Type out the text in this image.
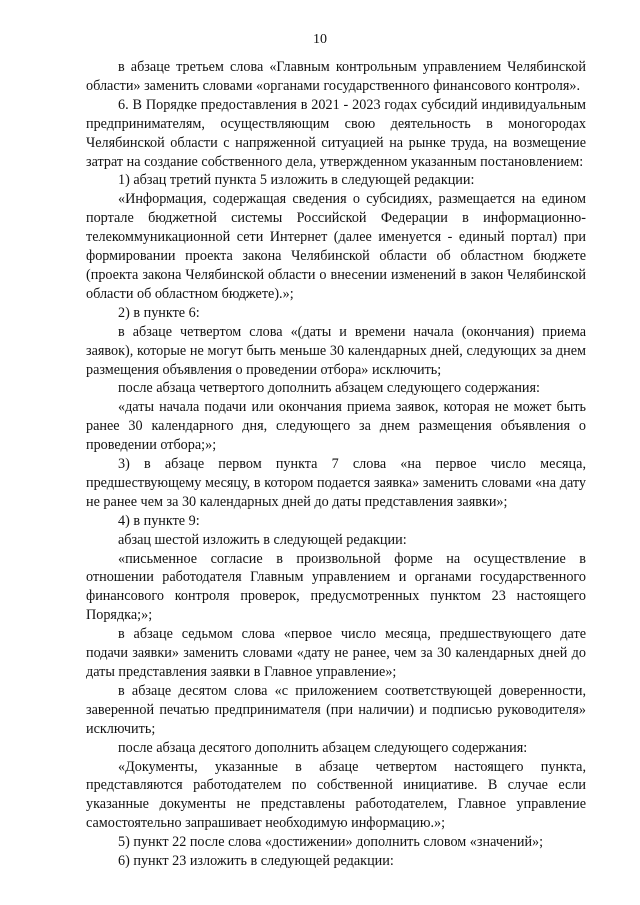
10

в абзаце третьем слова «Главным контрольным управлением Челябинской области» заменить словами «органами государственного финансового контроля».

6. В Порядке предоставления в 2021 - 2023 годах субсидий индивидуальным предпринимателям, осуществляющим свою деятельность в моногородах Челябинской области с напряженной ситуацией на рынке труда, на возмещение затрат на создание собственного дела, утвержденном указанным постановлением:

1) абзац третий пункта 5 изложить в следующей редакции:

«Информация, содержащая сведения о субсидиях, размещается на едином портале бюджетной системы Российской Федерации в информационно-телекоммуникационной сети Интернет (далее именуется - единый портал) при формировании проекта закона Челябинской области об областном бюджете (проекта закона Челябинской области о внесении изменений в закон Челябинской области об областном бюджете).»;

2) в пункте 6:

в абзаце четвертом слова «(даты и времени начала (окончания) приема заявок), которые не могут быть меньше 30 календарных дней, следующих за днем размещения объявления о проведении отбора» исключить;

после абзаца четвертого дополнить абзацем следующего содержания:

«даты начала подачи или окончания приема заявок, которая не может быть ранее 30 календарного дня, следующего за днем размещения объявления о проведении отбора;»;

3) в абзаце первом пункта 7 слова «на первое число месяца, предшествующему месяцу, в котором подается заявка» заменить словами «на дату не ранее чем за 30 календарных дней до даты представления заявки»;

4) в пункте 9:

абзац шестой изложить в следующей редакции:

«письменное согласие в произвольной форме на осуществление в отношении работодателя Главным управлением и органами государственного финансового контроля проверок, предусмотренных пунктом 23 настоящего Порядка;»;

в абзаце седьмом слова «первое число месяца, предшествующего дате подачи заявки» заменить словами «дату не ранее, чем за 30 календарных дней до даты представления заявки в Главное управление»;

в абзаце десятом слова «с приложением соответствующей доверенности, заверенной печатью предпринимателя (при наличии) и подписью руководителя» исключить;

после абзаца десятого дополнить абзацем следующего содержания:

«Документы, указанные в абзаце четвертом настоящего пункта, представляются работодателем по собственной инициативе. В случае если указанные документы не представлены работодателем, Главное управление самостоятельно запрашивает необходимую информацию.»;

5) пункт 22 после слова «достижении» дополнить словом «значений»;

6) пункт 23 изложить в следующей редакции:
